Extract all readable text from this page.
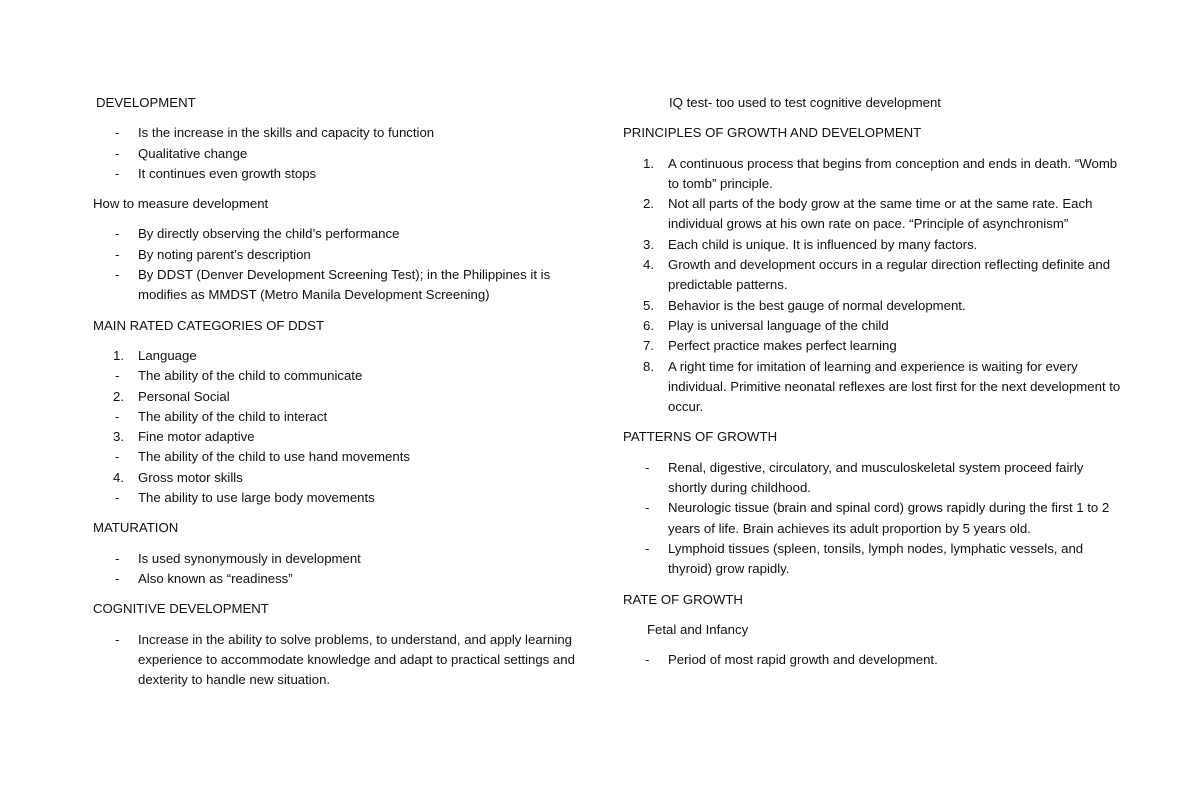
DEVELOPMENT
-	Is the increase in the skills and capacity to function
-	Qualitative change
-	It continues even growth stops
How to measure development
-	By directly observing the child’s performance
-	By noting parent’s description
-	By DDST (Denver Development Screening Test); in the Philippines it is modifies as MMDST (Metro Manila Development Screening)
MAIN RATED CATEGORIES OF DDST
1.	Language
-	The ability of the child to communicate
2.	Personal Social
-	The ability of the child to interact
3.	Fine motor adaptive
-	The ability of the child to use hand movements
4.	Gross motor skills
-	The ability to use large body movements
MATURATION
-	Is used synonymously in development
-	Also known as “readiness”
COGNITIVE DEVELOPMENT
-	Increase in the ability to solve problems, to understand, and apply learning experience to accommodate knowledge and adapt to practical settings and dexterity to handle new situation.
IQ test- too used to test cognitive development
PRINCIPLES OF GROWTH AND DEVELOPMENT
1.	A continuous process that begins from conception and ends in death. “Womb to tomb” principle.
2.	Not all parts of the body grow at the same time or at the same rate. Each individual grows at his own rate on pace. “Principle of asynchronism”
3.	Each child is unique. It is influenced by many factors.
4.	Growth and development occurs in a regular direction reflecting definite and predictable patterns.
5.	Behavior is the best gauge of normal development.
6.	Play is universal language of the child
7.	Perfect practice makes perfect learning
8.	A right time for imitation of learning and experience is waiting for every individual. Primitive neonatal reflexes are lost first for the next development to occur.
PATTERNS OF GROWTH
-	Renal, digestive, circulatory, and musculoskeletal system proceed fairly shortly during childhood.
-	Neurologic tissue (brain and spinal cord) grows rapidly during the first 1 to 2 years of life. Brain achieves its adult proportion by 5 years old.
-	Lymphoid tissues (spleen, tonsils, lymph nodes, lymphatic vessels, and thyroid) grow rapidly.
RATE OF GROWTH
Fetal and Infancy
-	Period of most rapid growth and development.
